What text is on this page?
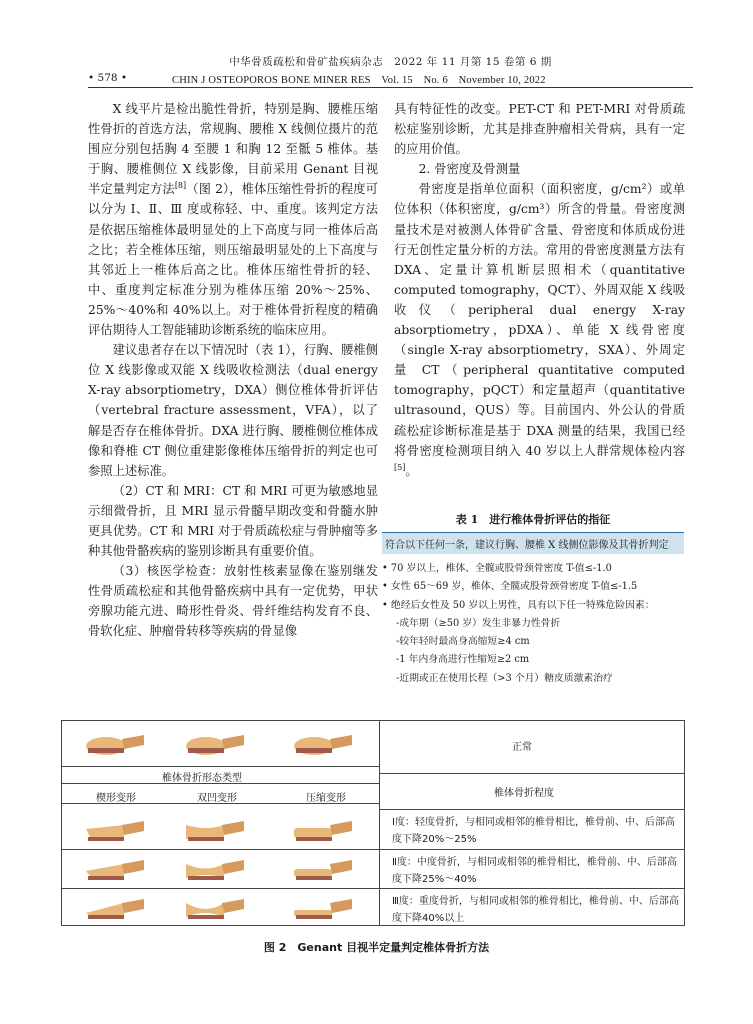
中华骨质疏松和骨矿盐疾病杂志　2022 年 11 月第 15 卷第 6 期
• 578 •	CHIN J OSTEOPOROS BONE MINER RES　Vol. 15　No. 6　November 10, 2022

X 线平片是检出脆性骨折，特别是胸、腰椎压缩性骨折的首选方法，常规胸、腰椎 X 线侧位摄片的范围应分别包括胸 4 至腰 1 和胸 12 至骶 5 椎体。基于胸、腰椎侧位 X 线影像，目前采用 Genant 目视半定量判定方法[8]（图 2），椎体压缩性骨折的程度可以分为 Ⅰ、Ⅱ、Ⅲ 度或称轻、中、重度。该判定方法是依据压缩椎体最明显处的上下高度与同一椎体后高之比；若全椎体压缩，则压缩最明显处的上下高度与其邻近上一椎体后高之比。椎体压缩性骨折的轻、中、重度判定标准分别为椎体压缩 20%～25%、25%～40%和 40%以上。对于椎体骨折程度的精确评估期待人工智能辅助诊断系统的临床应用。

建议患者存在以下情况时（表 1），行胸、腰椎侧位 X 线影像或双能 X 线吸收检测法（dual energy X-ray absorptiometry，DXA）侧位椎体骨折评估（vertebral fracture assessment，VFA），以了解是否存在椎体骨折。DXA 进行胸、腰椎侧位椎体成像和脊椎 CT 侧位重建影像椎体压缩骨折的判定也可参照上述标准。

（2）CT 和 MRI：CT 和 MRI 可更为敏感地显示细微骨折，且 MRI 显示骨髓早期改变和骨髓水肿更具优势。CT 和 MRI 对于骨质疏松症与骨肿瘤等多种其他骨骼疾病的鉴别诊断具有重要价值。

（3）核医学检查：放射性核素显像在鉴别继发性骨质疏松症和其他骨骼疾病中具有一定优势，甲状旁腺功能亢进、畸形性骨炎、骨纤维结构发育不良、骨软化症、肿瘤骨转移等疾病的骨显像

具有特征性的改变。PET-CT 和 PET-MRI 对骨质疏松症鉴别诊断，尤其是排查肿瘤相关骨病，具有一定的应用价值。

2. 骨密度及骨测量

骨密度是指单位面积（面积密度，g/cm²）或单位体积（体积密度，g/cm³）所含的骨量。骨密度测量技术是对被测人体骨矿含量、骨密度和体质成份进行无创性定量分析的方法。常用的骨密度测量方法有 DXA、定量计算机断层照相术（quantitative computed tomography，QCT）、外周双能 X 线吸收仪（peripheral dual energy X-ray absorptiometry，pDXA）、单能 X 线骨密度（single X-ray absorptiometry，SXA）、外周定量 CT（peripheral quantitative computed tomography，pQCT）和定量超声（quantitative ultrasound，QUS）等。目前国内、外公认的骨质疏松症诊断标准是基于 DXA 测量的结果，我国已经将骨密度检测项目纳入 40 岁以上人群常规体检内容[5]。

表 1　进行椎体骨折评估的指征
符合以下任何一条，建议行胸、腰椎 X 线侧位影像及其骨折判定
• 70 岁以上，椎体、全髋或股骨颈骨密度 T-值≤-1.0
• 女性 65～69 岁，椎体、全髋或股骨颈骨密度 T-值≤-1.5
• 绝经后女性及 50 岁以上男性，具有以下任一特殊危险因素：
-成年期（≥50 岁）发生非暴力性骨折
-较年轻时最高身高缩短≥4 cm
-1 年内身高进行性缩短≥2 cm
-近期或正在使用长程（>3 个月）糖皮质激素治疗
正常
椎体骨折形态类型
楔形变形	双凹变形	压缩变形	椎体骨折程度
Ⅰ度：轻度骨折，与相同或相邻的椎骨相比，椎骨前、中、后部高度下降20%～25%
Ⅱ度：中度骨折，与相同或相邻的椎骨相比，椎骨前、中、后部高度下降25%～40%
Ⅲ度：重度骨折，与相同或相邻的椎骨相比，椎骨前、中、后部高度下降40%以上
图 2　Genant 目视半定量判定椎体骨折方法
